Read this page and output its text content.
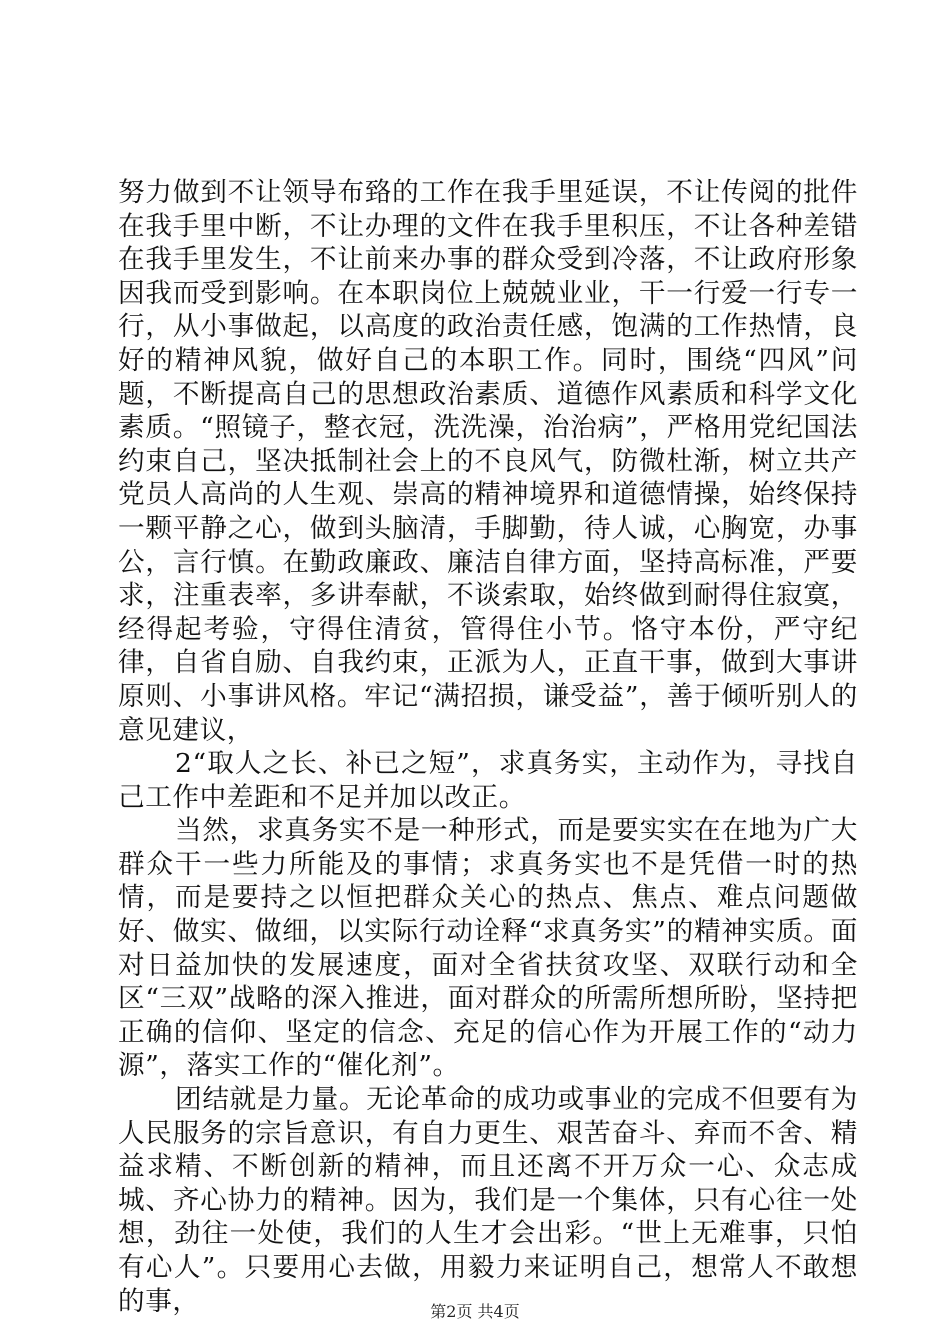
努力做到不让领导布臵的工作在我手里延误，不让传阅的批件在我手里中断，不让办理的文件在我手里积压，不让各种差错在我手里发生，不让前来办事的群众受到冷落，不让政府形象因我而受到影响。在本职岗位上兢兢业业，干一行爱一行专一行，从小事做起，以高度的政治责任感，饱满的工作热情，良好的精神风貌，做好自己的本职工作。同时，围绕“四风”问题，不断提高自己的思想政治素质、道德作风素质和科学文化素质。“照镜子，整衣冠，洗洗澡，治治病”，严格用党纪国法约束自己，坚决抵制社会上的不良风气，防微杜渐，树立共产党员人高尚的人生观、崇高的精神境界和道德情操，始终保持一颗平静之心，做到头脑清，手脚勤，待人诚，心胸宽，办事公，言行慎。在勤政廉政、廉洁自律方面，坚持高标准，严要求，注重表率，多讲奉献，不谈索取，始终做到耐得住寂寞，经得起考验，守得住清贫，管得住小节。恪守本份，严守纪律，自省自励、自我约束，正派为人，正直干事，做到大事讲原则、小事讲风格。牢记“满招损，谦受益”，善于倾听别人的意见建议，

2“取人之长、补已之短”，求真务实，主动作为，寻找自己工作中差距和不足并加以改正。

当然，求真务实不是一种形式，而是要实实在在地为广大群众干一些力所能及的事情；求真务实也不是凭借一时的热情，而是要持之以恒把群众关心的热点、焦点、难点问题做好、做实、做细，以实际行动诠释“求真务实”的精神实质。面对日益加快的发展速度，面对全省扶贫攻坚、双联行动和全区“三双”战略的深入推进，面对群众的所需所想所盼，坚持把正确的信仰、坚定的信念、充足的信心作为开展工作的“动力源”，落实工作的“催化剂”。

团结就是力量。无论革命的成功或事业的完成不但要有为人民服务的宗旨意识，有自力更生、艰苦奋斗、弃而不舍、精益求精、不断创新的精神，而且还离不开万众一心、众志成城、齐心协力的精神。因为，我们是一个集体，只有心往一处想，劲往一处使，我们的人生才会出彩。“世上无难事，只怕有心人”。只要用心去做，用毅力来证明自己，想常人不敢想的事，	第2页 共4页
